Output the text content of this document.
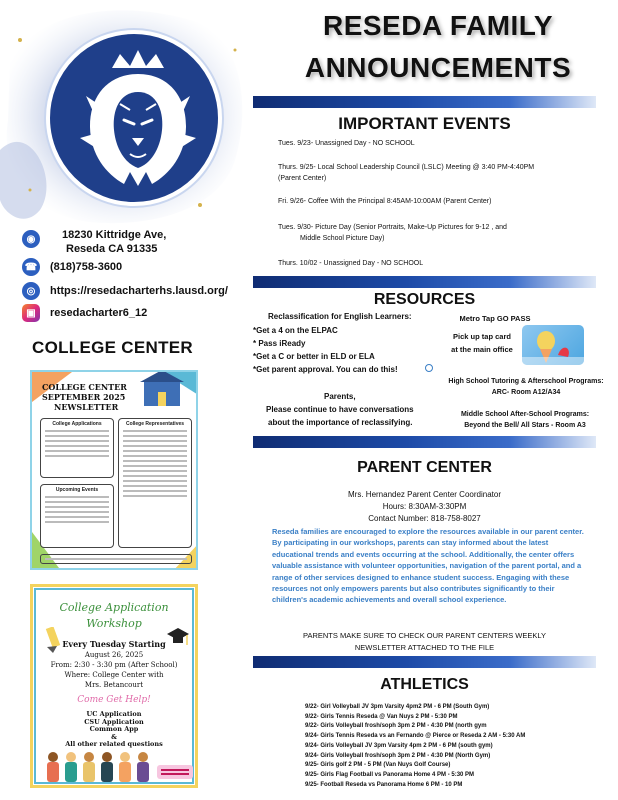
◉	18230 Kittridge Ave,
Reseda CA 91335
☎ (818)758-3600
◎	https://resedacharterhs.lausd.org/
▣	resedacharter6_12
COLLEGE CENTER
COLLEGE CENTER
SEPTEMBER 2025
NEWSLETTER
College Applications	College Representatives
Upcoming Events
College Application
Workshop
Every Tuesday Starting
August 26, 2025
From: 2:30 - 3:30 pm (After School)
Where: College Center with
Mrs. Betancourt
Come Get Help!
UC Application
CSU Application
Common App
&
All other related questions
RESEDA FAMILY
ANNOUNCEMENTS
IMPORTANT EVENTS
Tues. 9/23- Unassigned Day - NO SCHOOL
Thurs. 9/25- Local School Leadership Council (LSLC) Meeting @ 3:40 PM-4:40PM
(Parent Center)
Fri. 9/26- Coffee With the Principal 8:45AM-10:00AM (Parent Center)
Tues. 9/30- Picture Day (Senior Portraits, Make-Up Pictures for 9-12 , and
Middle School Picture Day)
Thurs. 10/02 - Unassigned Day - NO SCHOOL
RESOURCES
Reclassification for English Learners:
*Get a 4 on the ELPAC
* Pass iReady
*Get a C or better in ELD or ELA
*Get parent approval. You can do this!
Parents,
Please continue to have conversations
about the importance of reclassifying.
Metro Tap GO PASS
Pick up tap card
at the main office
High School Tutoring & Afterschool Programs:
ARC- Room A12/A34
Middle School After-School Programs:
Beyond the Bell/ All Stars - Room A3
PARENT CENTER
Mrs. Hernandez Parent Center Coordinator
Hours: 8:30AM-3:30PM
Contact Number: 818-758-8027
Reseda families are encouraged to explore the resources available in our parent center. By participating in our workshops, parents can stay informed about the latest educational trends and events occurring at the school. Additionally, the center offers valuable assistance with volunteer opportunities, navigation of the parent portal, and a range of other services designed to enhance student success. Engaging with these resources not only empowers parents but also contributes significantly to their children's academic achievements and overall school experience.
PARENTS MAKE SURE TO CHECK OUR PARENT CENTERS WEEKLY
NEWSLETTER ATTACHED TO THE FILE
ATHLETICS
9/22- Girl Volleyball JV 3pm Varsity 4pm2 PM - 6 PM (South Gym)
9/22- Girls Tennis Reseda @ Van Nuys 2 PM - 5:30 PM
9/22- Girls Volleyball frosh/soph 3pm 2 PM - 4:30 PM (north gym
9/24- Girls Tennis Reseda vs an Fernando @ Pierce or Reseda 2 AM - 5:30 AM
9/24- Girls Volleyball JV 3pm Varsity 4pm 2 PM - 6 PM (south gym)
9/24- Girls Volleyball frosh/soph 3pm 2 PM - 4:30 PM (North Gym)
9/25- Girls golf 2 PM - 5 PM (Van Nuys Golf Course)
9/25- Girls Flag Football vs Panorama Home 4 PM - 5:30 PM
9/25- Football Reseda vs Panorama Home 6 PM - 10 PM
